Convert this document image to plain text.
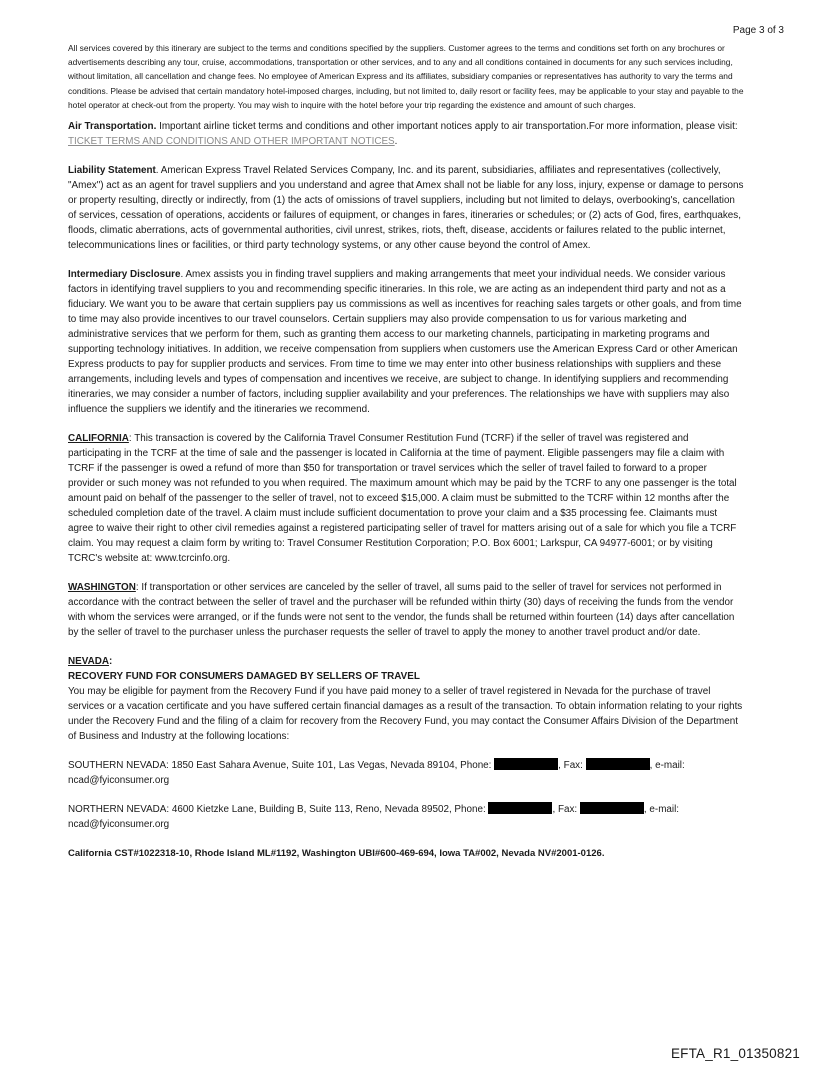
Page 3 of 3

All services covered by this itinerary are subject to the terms and conditions specified by the suppliers. Customer agrees to the terms and conditions set forth on any brochures or advertisements describing any tour, cruise, accommodations, transportation or other services, and to any and all conditions contained in documents for any such services including, without limitation, all cancellation and change fees. No employee of American Express and its affiliates, subsidiary companies or representatives has authority to vary the terms and conditions. Please be advised that certain mandatory hotel-imposed charges, including, but not limited to, daily resort or facility fees, may be applicable to your stay and payable to the hotel operator at check-out from the property. You may wish to inquire with the hotel before your trip regarding the existence and amount of such charges.

Air Transportation. Important airline ticket terms and conditions and other important notices apply to air transportation.For more information, please visit: TICKET TERMS AND CONDITIONS AND OTHER IMPORTANT NOTICES.

Liability Statement. American Express Travel Related Services Company, Inc. and its parent, subsidiaries, affiliates and representatives (collectively, "Amex") act as an agent for travel suppliers and you understand and agree that Amex shall not be liable for any loss, injury, expense or damage to persons or property resulting, directly or indirectly, from (1) the acts of omissions of travel suppliers, including but not limited to delays, overbooking's, cancellation of services, cessation of operations, accidents or failures of equipment, or changes in fares, itineraries or schedules; or (2) acts of God, fires, earthquakes, floods, climatic aberrations, acts of governmental authorities, civil unrest, strikes, riots, theft, disease, accidents or failures related to the public internet, telecommunications lines or facilities, or third party technology systems, or any other cause beyond the control of Amex.

Intermediary Disclosure. Amex assists you in finding travel suppliers and making arrangements that meet your individual needs. We consider various factors in identifying travel suppliers to you and recommending specific itineraries. In this role, we are acting as an independent third party and not as a fiduciary. We want you to be aware that certain suppliers pay us commissions as well as incentives for reaching sales targets or other goals, and from time to time may also provide incentives to our travel counselors. Certain suppliers may also provide compensation to us for various marketing and administrative services that we perform for them, such as granting them access to our marketing channels, participating in marketing programs and supporting technology initiatives. In addition, we receive compensation from suppliers when customers use the American Express Card or other American Express products to pay for supplier products and services. From time to time we may enter into other business relationships with suppliers and these arrangements, including levels and types of compensation and incentives we receive, are subject to change. In identifying suppliers and recommending itineraries, we may consider a number of factors, including supplier availability and your preferences. The relationships we have with suppliers may also influence the suppliers we identify and the itineraries we recommend.

CALIFORNIA: This transaction is covered by the California Travel Consumer Restitution Fund (TCRF) if the seller of travel was registered and participating in the TCRF at the time of sale and the passenger is located in California at the time of payment. Eligible passengers may file a claim with TCRF if the passenger is owed a refund of more than $50 for transportation or travel services which the seller of travel failed to forward to a proper provider or such money was not refunded to you when required. The maximum amount which may be paid by the TCRF to any one passenger is the total amount paid on behalf of the passenger to the seller of travel, not to exceed $15,000. A claim must be submitted to the TCRF within 12 months after the scheduled completion date of the travel. A claim must include sufficient documentation to prove your claim and a $35 processing fee. Claimants must agree to waive their right to other civil remedies against a registered participating seller of travel for matters arising out of a sale for which you file a TCRF claim. You may request a claim form by writing to: Travel Consumer Restitution Corporation; P.O. Box 6001; Larkspur, CA 94977-6001; or by visiting TCRC's website at: www.tcrcinfo.org.

WASHINGTON: If transportation or other services are canceled by the seller of travel, all sums paid to the seller of travel for services not performed in accordance with the contract between the seller of travel and the purchaser will be refunded within thirty (30) days of receiving the funds from the vendor with whom the services were arranged, or if the funds were not sent to the vendor, the funds shall be returned within fourteen (14) days after cancellation by the seller of travel to the purchaser unless the purchaser requests the seller of travel to apply the money to another travel product and/or date.

NEVADA:

RECOVERY FUND FOR CONSUMERS DAMAGED BY SELLERS OF TRAVEL
You may be eligible for payment from the Recovery Fund if you have paid money to a seller of travel registered in Nevada for the purchase of travel services or a vacation certificate and you have suffered certain financial damages as a result of the transaction. To obtain information relating to your rights under the Recovery Fund and the filing of a claim for recovery from the Recovery Fund, you may contact the Consumer Affairs Division of the Department of Business and Industry at the following locations:

SOUTHERN NEVADA: 1850 East Sahara Avenue, Suite 101, Las Vegas, Nevada 89104, Phone:	, Fax:	, e-mail:
ncad@fyiconsumer.org

NORTHERN NEVADA: 4600 Kietzke Lane, Building B, Suite 113, Reno, Nevada 89502, Phone:	, Fax:	, e-mail:
ncad@fyiconsumer.org

California CST#1022318-10, Rhode Island ML#1192, Washington UBI#600-469-694, Iowa TA#002, Nevada NV#2001-0126.
EFTA_R1_01350821
